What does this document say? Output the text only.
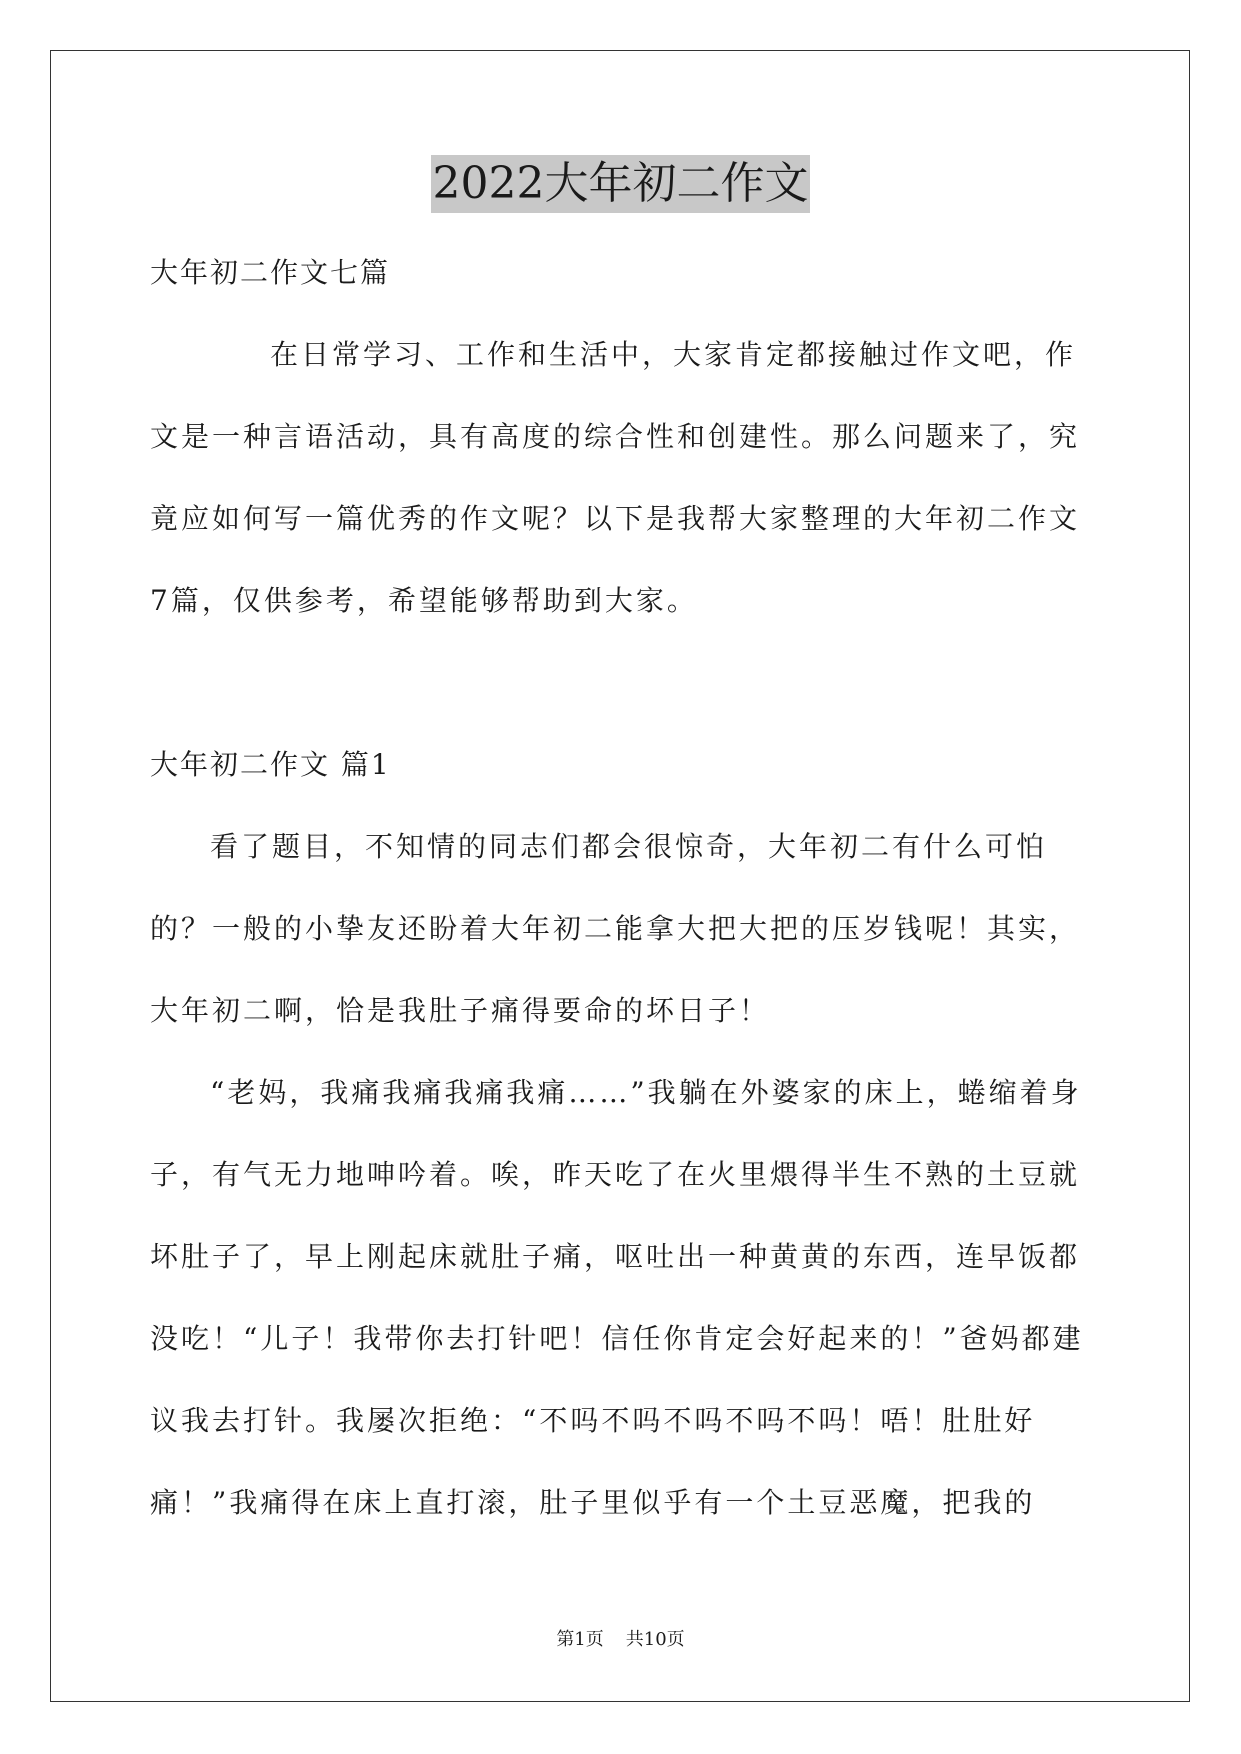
2022大年初二作文

大年初二作文七篇

在日常学习、工作和生活中，大家肯定都接触过作文吧，作文是一种言语活动，具有高度的综合性和创建性。那么问题来了，究竟应如何写一篇优秀的作文呢？以下是我帮大家整理的大年初二作文7篇，仅供参考，希望能够帮助到大家。

大年初二作文 篇1

看了题目，不知情的同志们都会很惊奇，大年初二有什么可怕的？一般的小挚友还盼着大年初二能拿大把大把的压岁钱呢！其实，大年初二啊，恰是我肚子痛得要命的坏日子！

“老妈，我痛我痛我痛我痛……”我躺在外婆家的床上，蜷缩着身子，有气无力地呻吟着。唉，昨天吃了在火里煨得半生不熟的土豆就坏肚子了，早上刚起床就肚子痛，呕吐出一种黄黄的东西，连早饭都没吃！“儿子！我带你去打针吧！信任你肯定会好起来的！”爸妈都建议我去打针。我屡次拒绝：“不吗不吗不吗不吗不吗！唔！肚肚好痛！”我痛得在床上直打滚，肚子里似乎有一个土豆恶魔，把我的

第1页 共10页
